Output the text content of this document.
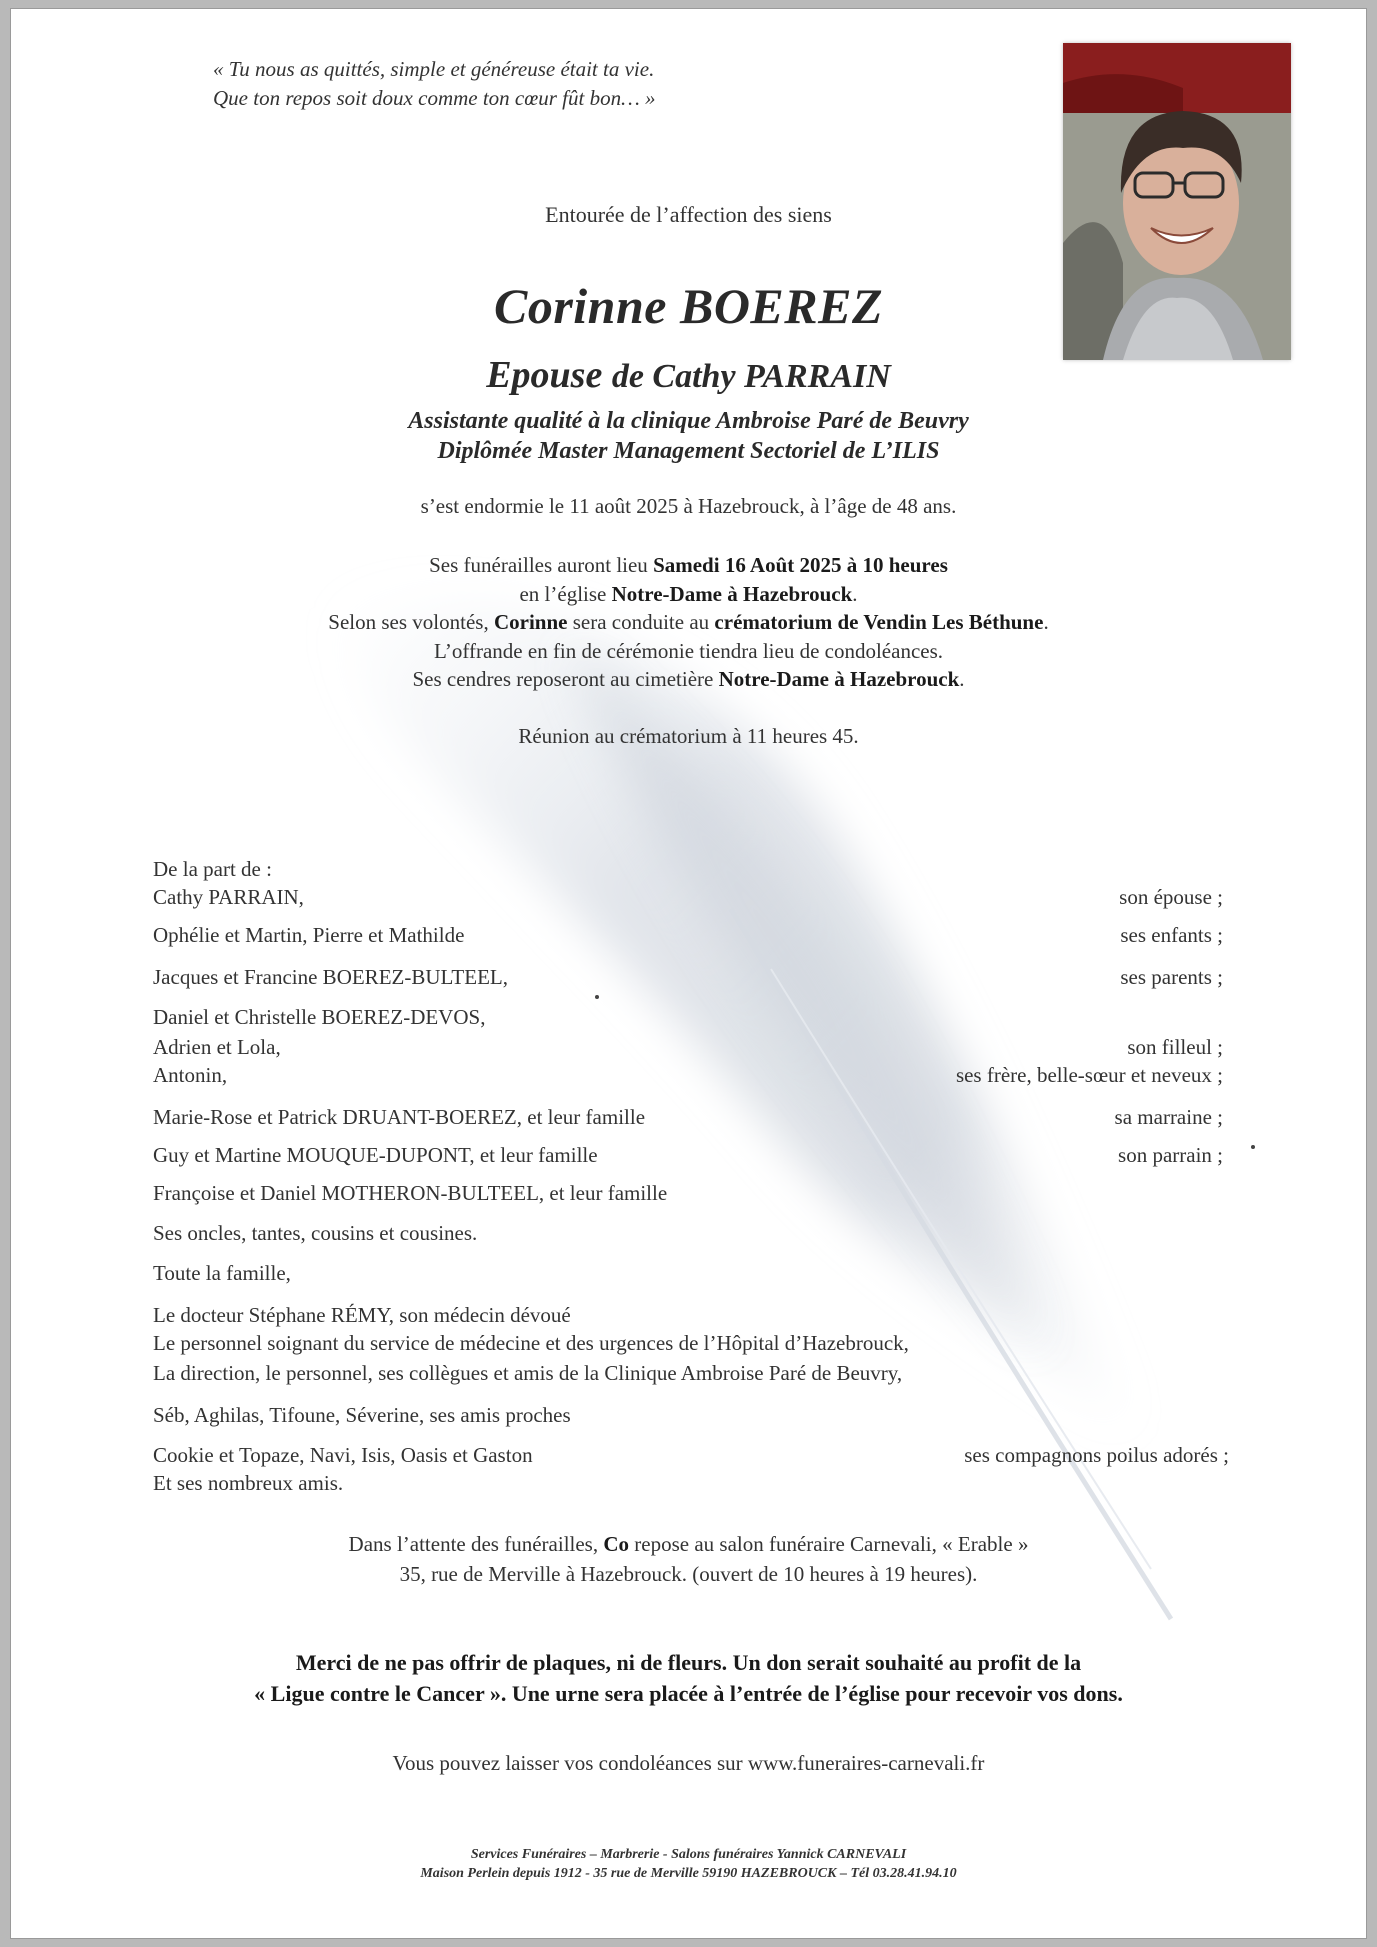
« Tu nous as quittés, simple et généreuse était ta vie.
Que ton repos soit doux comme ton cœur fût bon… »
Entourée de l’affection des siens
Corinne BOEREZ
Epouse de Cathy PARRAIN
Assistante qualité à la clinique Ambroise Paré de Beuvry
Diplômée Master Management Sectoriel de L’ILIS
s’est endormie le 11 août 2025 à Hazebrouck, à l’âge de 48 ans.
Ses funérailles auront lieu Samedi 16 Août 2025 à 10 heures
en l’église Notre-Dame à Hazebrouck.
Selon ses volontés, Corinne sera conduite au crématorium de Vendin Les Béthune.
L’offrande en fin de cérémonie tiendra lieu de condoléances.
Ses cendres reposeront au cimetière Notre-Dame à Hazebrouck.
Réunion au crématorium à 11 heures 45.
De la part de :
Cathy PARRAIN,	son épouse ;
Ophélie et Martin, Pierre et Mathilde	ses enfants ;
Jacques et Francine BOEREZ-BULTEEL,	ses parents ;
Daniel et Christelle BOEREZ-DEVOS,
Adrien et Lola,	son filleul ;
Antonin,	ses frère, belle-sœur et neveux ;
Marie-Rose et Patrick DRUANT-BOEREZ, et leur famille	sa marraine ;
Guy et Martine MOUQUE-DUPONT, et leur famille	son parrain ;
Françoise et Daniel MOTHERON-BULTEEL, et leur famille
Ses oncles, tantes, cousins et cousines.
Toute la famille,
Le docteur Stéphane RÉMY, son médecin dévoué
Le personnel soignant du service de médecine et des urgences de l’Hôpital d’Hazebrouck,
La direction, le personnel, ses collègues et amis de la Clinique Ambroise Paré de Beuvry,
Séb, Aghilas, Tifoune, Séverine, ses amis proches
Cookie et Topaze, Navi, Isis, Oasis et Gaston	ses compagnons poilus adorés ;
Et ses nombreux amis.
Dans l’attente des funérailles, Co repose au salon funéraire Carnevali, « Erable »
35, rue de Merville à Hazebrouck. (ouvert de 10 heures à 19 heures).
Merci de ne pas offrir de plaques, ni de fleurs. Un don serait souhaité au profit de la
« Ligue contre le Cancer ». Une urne sera placée à l’entrée de l’église pour recevoir vos dons.
Vous pouvez laisser vos condoléances sur www.funeraires-carnevali.fr
Services Funéraires – Marbrerie - Salons funéraires Yannick CARNEVALI
Maison Perlein depuis 1912 - 35 rue de Merville 59190 HAZEBROUCK – Tél 03.28.41.94.10
